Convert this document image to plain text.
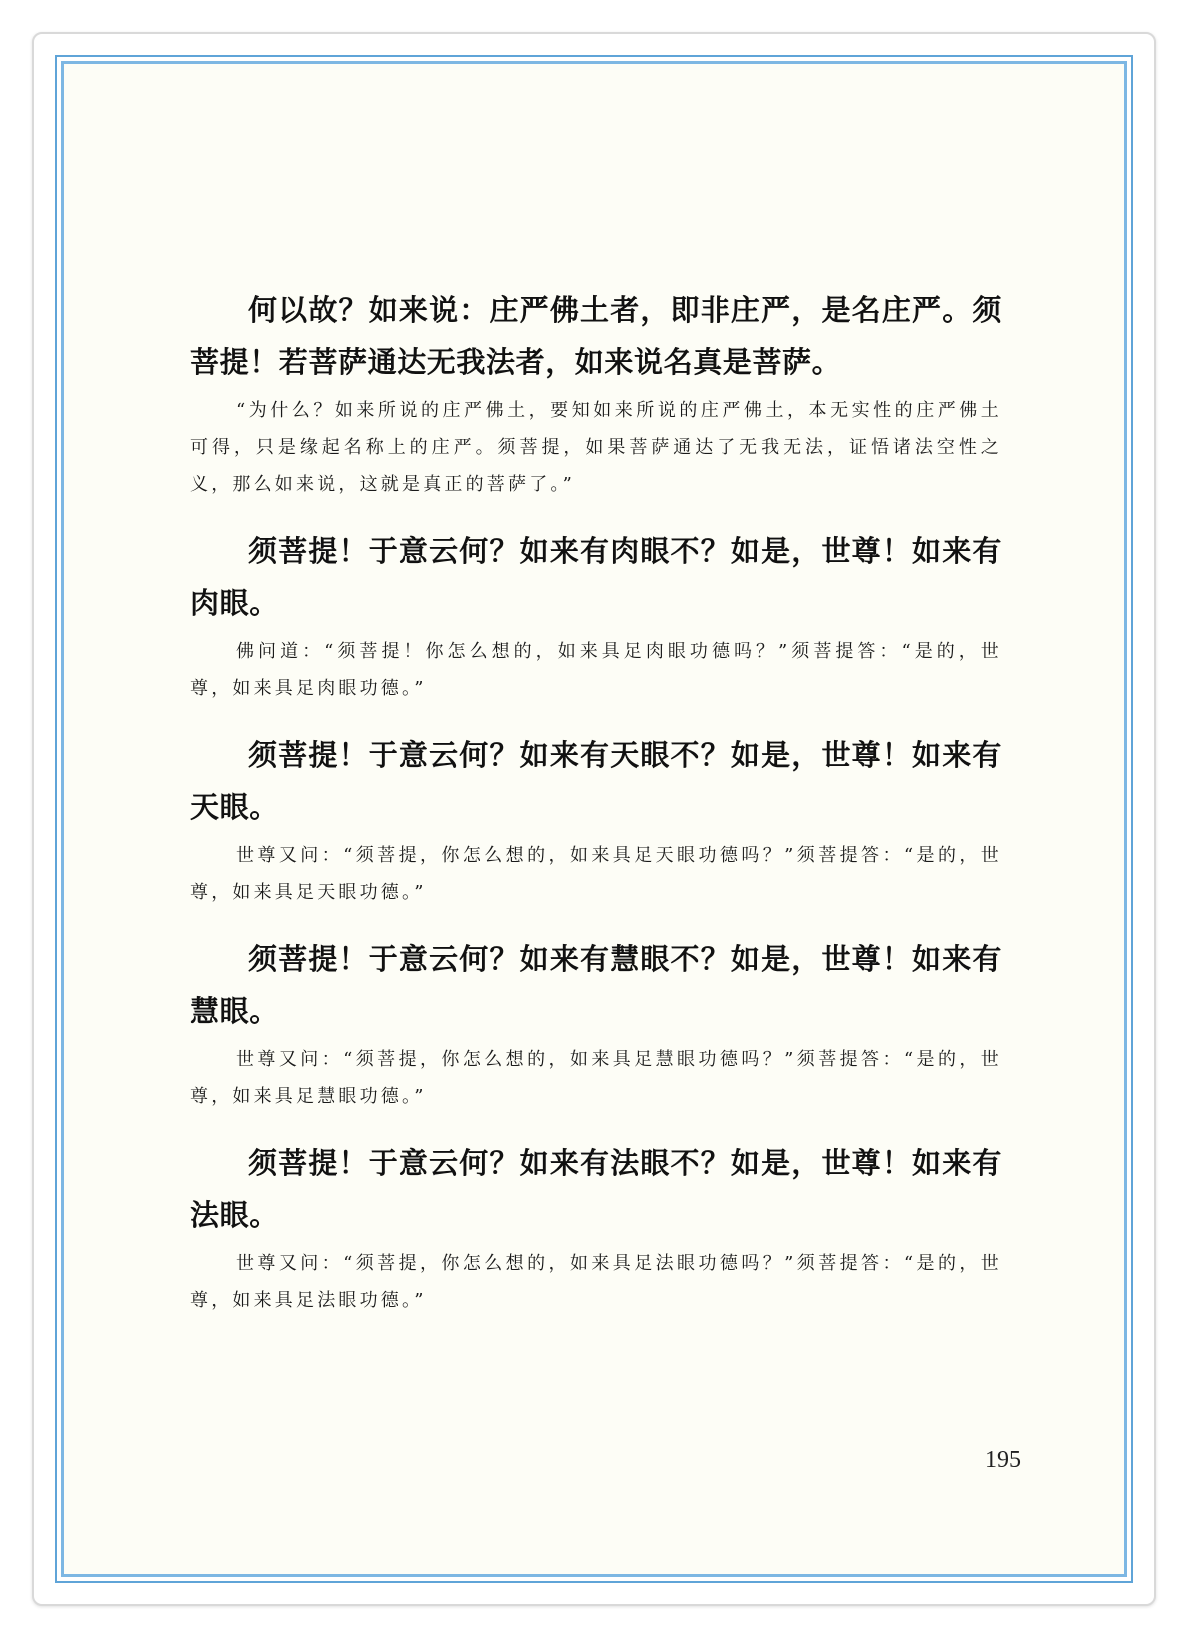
何以故？如来说：庄严佛土者，即非庄严，是名庄严。须菩提！若菩萨通达无我法者，如来说名真是菩萨。

“为什么？如来所说的庄严佛土，要知如来所说的庄严佛土，本无实性的庄严佛土可得，只是缘起名称上的庄严。须菩提，如果菩萨通达了无我无法，证悟诸法空性之义，那么如来说，这就是真正的菩萨了。”

须菩提！于意云何？如来有肉眼不？如是，世尊！如来有肉眼。

佛问道：“须菩提！你怎么想的，如来具足肉眼功德吗？”须菩提答：“是的，世尊，如来具足肉眼功德。”

须菩提！于意云何？如来有天眼不？如是，世尊！如来有天眼。

世尊又问：“须菩提，你怎么想的，如来具足天眼功德吗？”须菩提答：“是的，世尊，如来具足天眼功德。”

须菩提！于意云何？如来有慧眼不？如是，世尊！如来有慧眼。

世尊又问：“须菩提，你怎么想的，如来具足慧眼功德吗？”须菩提答：“是的，世尊，如来具足慧眼功德。”

须菩提！于意云何？如来有法眼不？如是，世尊！如来有法眼。

世尊又问：“须菩提，你怎么想的，如来具足法眼功德吗？”须菩提答：“是的，世尊，如来具足法眼功德。”

195
